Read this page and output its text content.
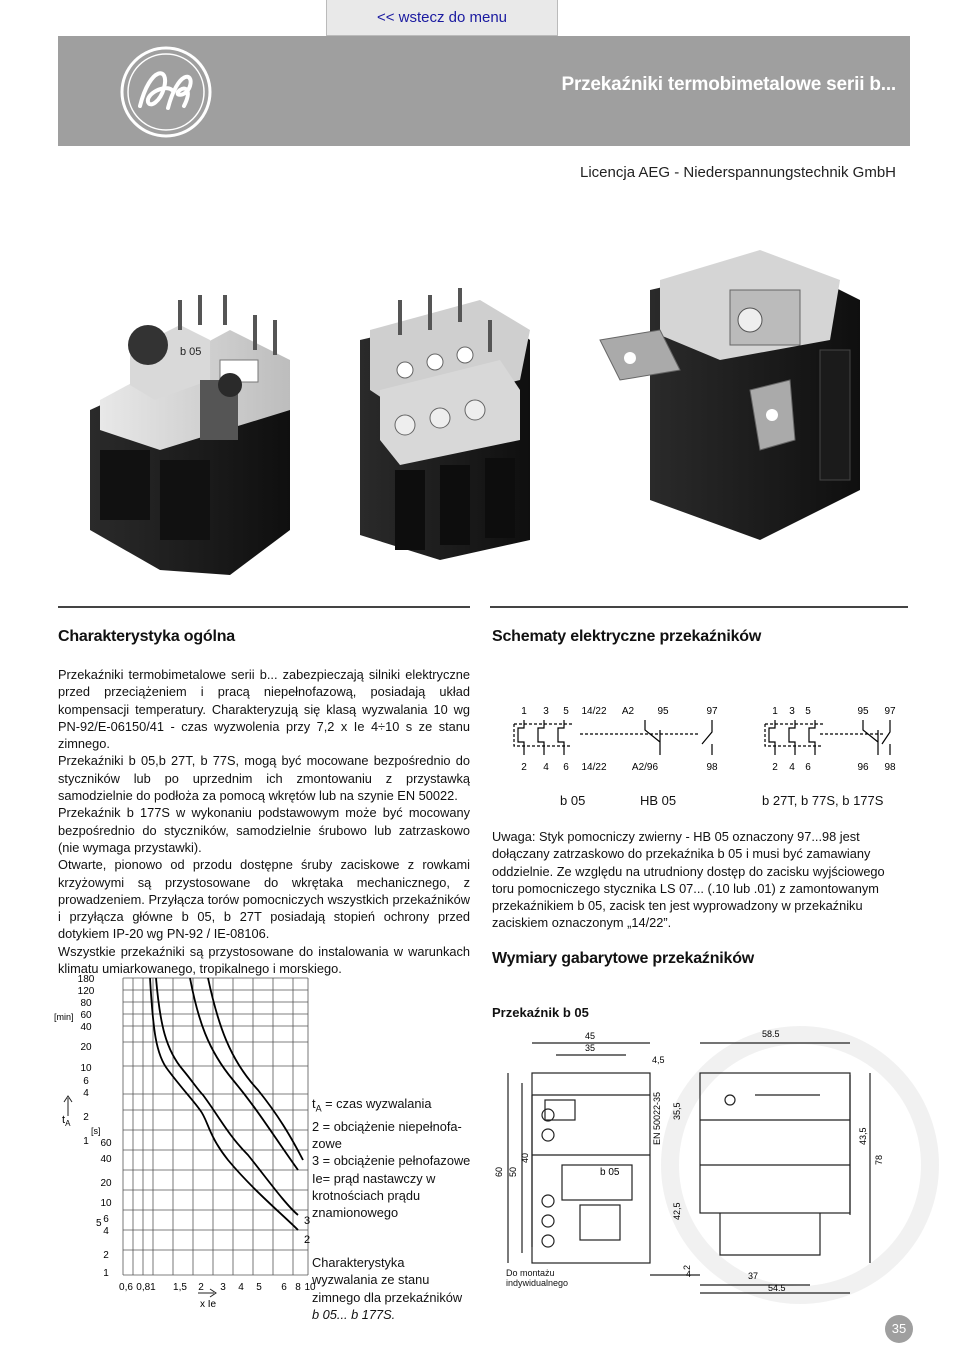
<< wstecz do menu
Przekaźniki termobimetalowe serii b...
Licencja AEG - Niederspannungstechnik GmbH
b 05
Charakterystyka ogólna

Przekaźniki termobimetalowe serii b... zabezpieczają silniki elektryczne przed przeciążeniem i pracą niepełnofazową, posiadają układ kompensacji temperatury. Charakteryzują się klasą wyzwalania 10 wg PN-92/E-06150/41 - czas wyzwolenia przy 7,2 x Ie 4÷10 s ze stanu zimnego.

Przekaźniki b 05,b 27T, b 77S, mogą być mocowane bezpośrednio do styczników lub po uprzednim ich zmontowaniu z przystawką samodzielnie do podłoża za pomocą wkrętów lub na szynie EN 50022.

Przekaźnik b 177S w wykonaniu podstawowym może być mocowany bezpośrednio do styczników, samodzielnie śrubowo lub zatrzaskowo (nie wymaga przystawki).

Otwarte, pionowo od przodu dostępne śruby zaciskowe z rowkami krzyżowymi są przystosowane do wkrętaka mechanicznego, z prowadzeniem. Przyłącza torów pomocniczych wszystkich przekaźników i przyłącza główne b 05, b 27T posiadają stopień ochrony przed dotykiem IP-20 wg PN-92 / IE-08106.

Wszystkie przekaźniki są przystosowane do instalowania w warunkach klimatu umiarkowanego, tropikalnego i morskiego.

180
120
80
60
40
20
10
6
4
2
1 60
40
20
10
6
4
2
1
[min]
[s]
5
$t_A$
0,6 0,81 1,5 2 3 4 5 6 8 10
x Ie
3
2
$t_A$ = czas wyzwalania
2 = obciążenie niepełnofa-zowe
3 = obciążenie pełnofazowe
Ie= prąd nastawczy w krotnościach prądu znamionowego
Charakterystyka wyzwalania ze stanu zimnego dla przekaźników b 05... b 177S.
Schematy elektryczne przekaźników
1 3 5 14/22 A2 95	97
2 4 6 14/22	A2/96	98
1 3 5	95 97
2 4 6	96 98
b 05	HB 05	b 27T, b 77S, b 177S
Uwaga: Styk pomocniczy zwierny - HB 05 oznaczony 97...98 jest dołączany zatrzaskowo do przekaźnika b 05 i musi być zamawiany oddzielnie. Ze względu na utrudniony dostęp do zacisku wyjściowego toru pomocniczego stycznika LS 07... (.10 lub .01) z zamontowanym przekaźnikiem b 05, zacisk ten jest wyprowadzony w przekaźniku zaciskiem oznaczonym „14/22”.
Wymiary gabarytowe przekaźników
Przekaźnik b 05
45
35
4,5
58.5
60 50
40
EN 50022-35 35,5
43,5
78
42,5
2
4	37
54.5
b 05
Do montażu indywidualnego
35
